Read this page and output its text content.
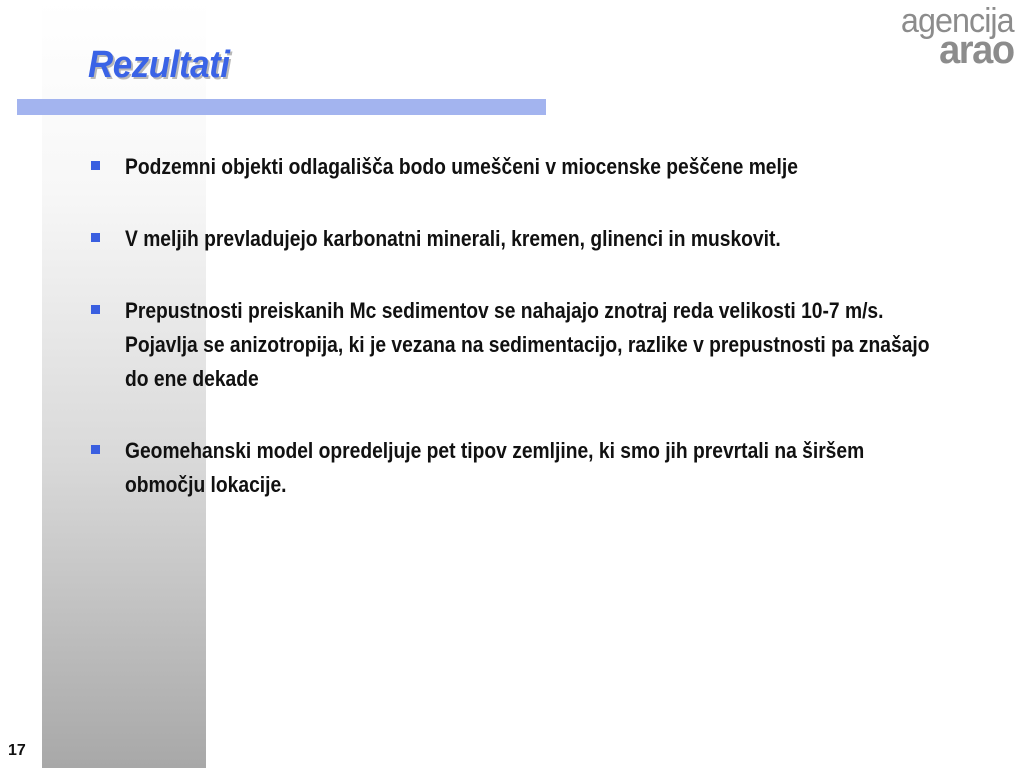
Rezultati
agencija
arao
Podzemni objekti odlagališča bodo umeščeni v miocenske peščene melje
V meljih prevladujejo karbonatni minerali, kremen, glinenci in muskovit.
Prepustnosti preiskanih Mc sedimentov se nahajajo znotraj reda velikosti 10-7 m/s. Pojavlja se anizotropija, ki je vezana na sedimentacijo, razlike v prepustnosti pa znašajo do ene dekade
Geomehanski model opredeljuje pet tipov zemljine, ki smo jih prevrtali na širšem območju lokacije.
17
